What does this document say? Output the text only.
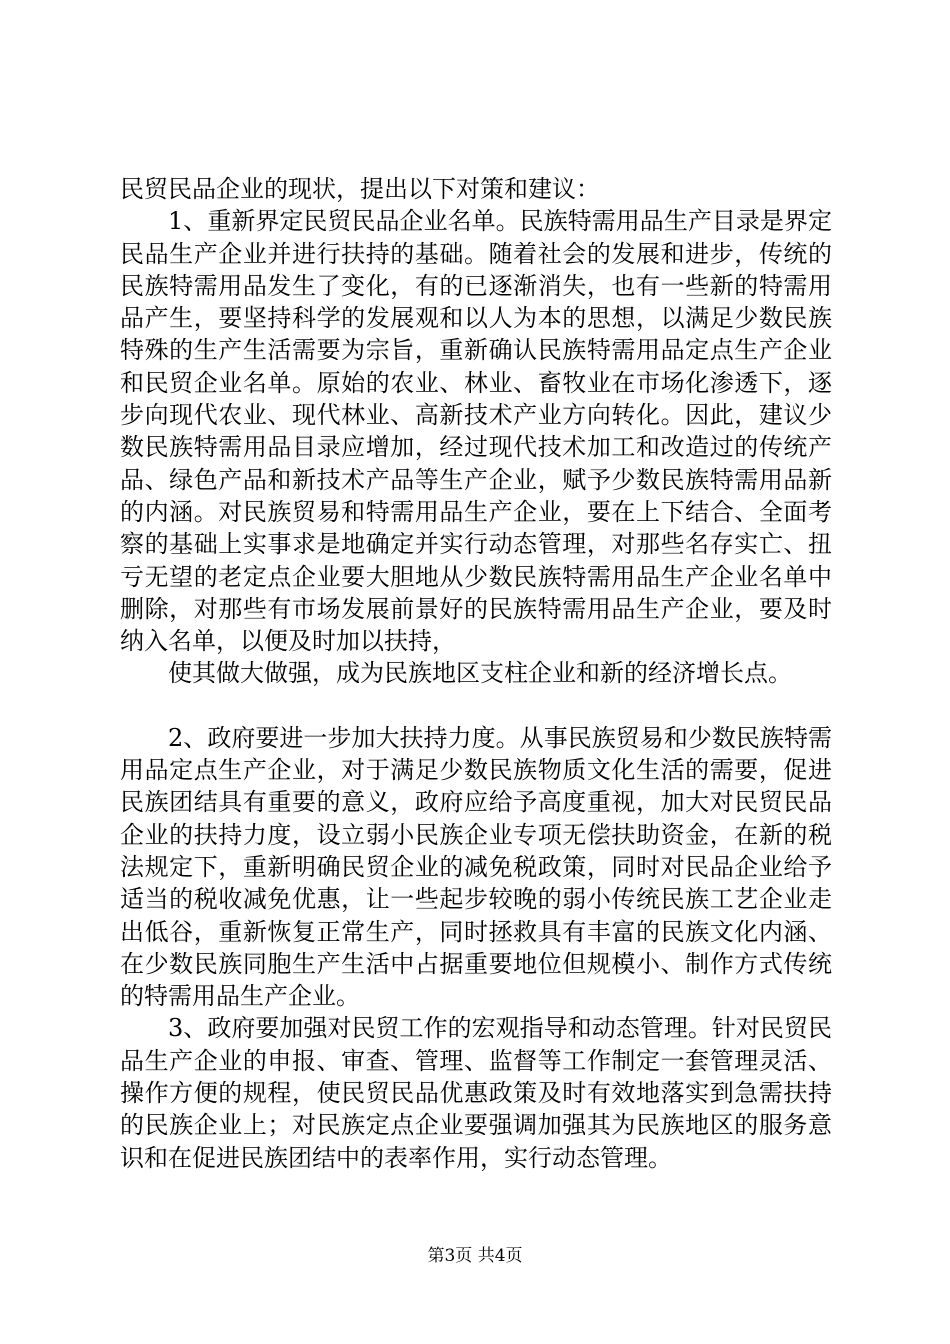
民贸民品企业的现状，提出以下对策和建议：

1、重新界定民贸民品企业名单。民族特需用品生产目录是界定民品生产企业并进行扶持的基础。随着社会的发展和进步，传统的民族特需用品发生了变化，有的已逐渐消失，也有一些新的特需用品产生，要坚持科学的发展观和以人为本的思想，以满足少数民族特殊的生产生活需要为宗旨，重新确认民族特需用品定点生产企业和民贸企业名单。原始的农业、林业、畜牧业在市场化渗透下，逐步向现代农业、现代林业、高新技术产业方向转化。因此，建议少数民族特需用品目录应增加，经过现代技术加工和改造过的传统产品、绿色产品和新技术产品等生产企业，赋予少数民族特需用品新的内涵。对民族贸易和特需用品生产企业，要在上下结合、全面考察的基础上实事求是地确定并实行动态管理，对那些名存实亡、扭亏无望的老定点企业要大胆地从少数民族特需用品生产企业名单中删除，对那些有市场发展前景好的民族特需用品生产企业，要及时纳入名单，以便及时加以扶持，

使其做大做强，成为民族地区支柱企业和新的经济增长点。

2、政府要进一步加大扶持力度。从事民族贸易和少数民族特需用品定点生产企业，对于满足少数民族物质文化生活的需要，促进民族团结具有重要的意义，政府应给予高度重视，加大对民贸民品企业的扶持力度，设立弱小民族企业专项无偿扶助资金，在新的税法规定下，重新明确民贸企业的减免税政策，同时对民品企业给予适当的税收减免优惠，让一些起步较晚的弱小传统民族工艺企业走出低谷，重新恢复正常生产，同时拯救具有丰富的民族文化内涵、在少数民族同胞生产生活中占据重要地位但规模小、制作方式传统的特需用品生产企业。

3、政府要加强对民贸工作的宏观指导和动态管理。针对民贸民品生产企业的申报、审查、管理、监督等工作制定一套管理灵活、操作方便的规程，使民贸民品优惠政策及时有效地落实到急需扶持的民族企业上；对民族定点企业要强调加强其为民族地区的服务意识和在促进民族团结中的表率作用，实行动态管理。

第3页 共4页
